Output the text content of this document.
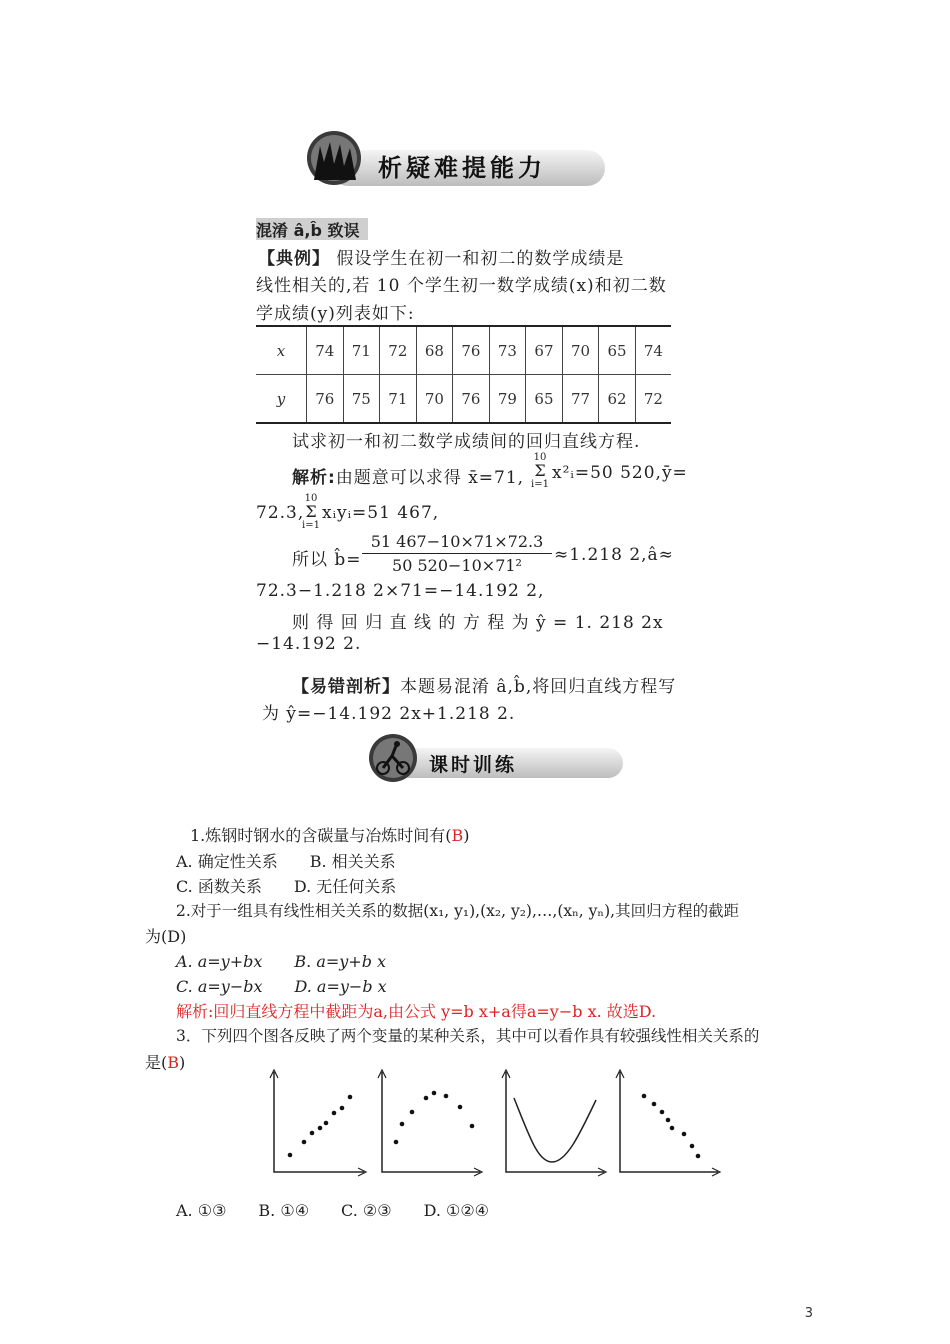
析疑难提能力
混淆 â,b̂ 致误
【典例】 假设学生在初一和初二的数学成绩是
线性相关的,若 10 个学生初一数学成绩(x)和初二数
学成绩(y)列表如下:
x	74	71	72	68	76	73	67	70	65	74
y	76	75	71	70	76	79	65	77	62	72
试求初一和初二数学成绩间的回归直线方程.
解析:由题意可以求得 x̄=71,
10
Σ
i=1
x²ᵢ=50 520,ȳ=
72.3,
10
Σ
i=1
xᵢyᵢ=51 467,
所以 b̂= $\frac{51 467-10\times 71\times 72.3}{\text{50 520−10×71²}} \approx 1.218$ 2,â≈
72.3−1.218 2×71=−14.192 2,
则 得 回 归 直 线 的 方 程 为 ŷ = 1. 218 2x
−14.192 2.
【易错剖析】本题易混淆 â,b̂,将回归直线方程写
为 ŷ=−14.192 2x+1.218 2.
课时训练
1.炼钢时钢水的含碳量与冶炼时间有(B)
A. 确定性关系　　B. 相关关系
C. 函数关系　　D. 无任何关系
2.对于一组具有线性相关关系的数据(x₁, y₁),(x₂, y₂),…,(xₙ, yₙ),其回归方程的截距
为(D)
A. a=y+bx　　B. a=y+b x
C. a=y−bx　　D. a=y−b x
解析:回归直线方程中截距为a,由公式 y=b x+a得a=y−b x. 故选D.
3．下列四个图各反映了两个变量的某种关系，其中可以看作具有较强线性相关关系的
是(B)
A. ①③　　B. ①④　　C. ②③　　D. ①②④
3
